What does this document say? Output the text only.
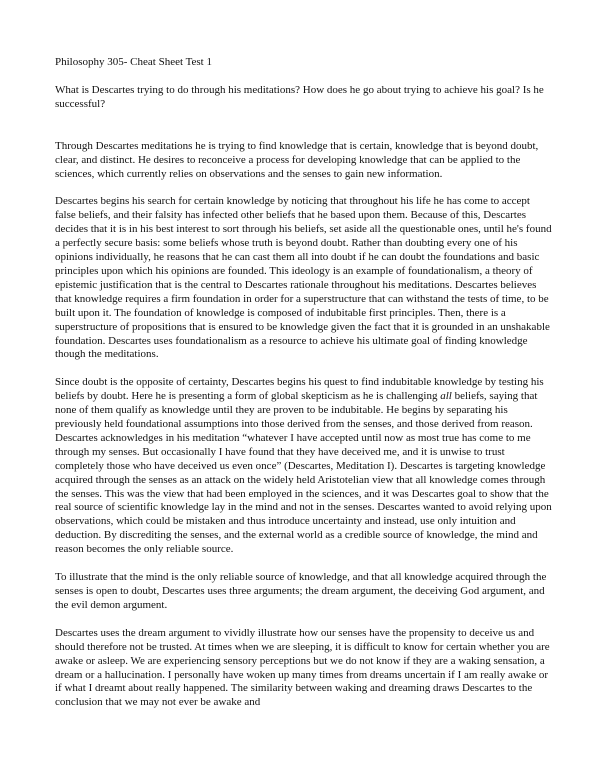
Philosophy 305- Cheat Sheet Test 1

What is Descartes trying to do through his meditations? How does he go about trying to achieve his goal? Is he successful?

Through Descartes meditations he is trying to find knowledge that is certain, knowledge that is beyond doubt, clear, and distinct. He desires to reconceive a process for developing knowledge that can be applied to the sciences, which currently relies on observations and the senses to gain new information.

Descartes begins his search for certain knowledge by noticing that throughout his life he has come to accept false beliefs, and their falsity has infected other beliefs that he based upon them. Because of this, Descartes decides that it is in his best interest to sort through his beliefs, set aside all the questionable ones, until he's found a perfectly secure basis: some beliefs whose truth is beyond doubt. Rather than doubting every one of his opinions individually, he reasons that he can cast them all into doubt if he can doubt the foundations and basic principles upon which his opinions are founded. This ideology is an example of foundationalism, a theory of epistemic justification that is the central to Descartes rationale throughout his meditations. Descartes believes that knowledge requires a firm foundation in order for a superstructure that can withstand the tests of time, to be built upon it. The foundation of knowledge is composed of indubitable first principles. Then, there is a superstructure of propositions that is ensured to be knowledge given the fact that it is grounded in an unshakable foundation. Descartes uses foundationalism as a resource to achieve his ultimate goal of finding knowledge though the meditations.

Since doubt is the opposite of certainty, Descartes begins his quest to find indubitable knowledge by testing his beliefs by doubt. Here he is presenting a form of global skepticism as he is challenging all beliefs, saying that none of them qualify as knowledge until they are proven to be indubitable. He begins by separating his previously held foundational assumptions into those derived from the senses, and those derived from reason. Descartes acknowledges in his meditation “whatever I have accepted until now as most true has come to me through my senses. But occasionally I have found that they have deceived me, and it is unwise to trust completely those who have deceived us even once” (Descartes, Meditation I). Descartes is targeting knowledge acquired through the senses as an attack on the widely held Aristotelian view that all knowledge comes through the senses. This was the view that had been employed in the sciences, and it was Descartes goal to show that the real source of scientific knowledge lay in the mind and not in the senses. Descartes wanted to avoid relying upon observations, which could be mistaken and thus introduce uncertainty and instead, use only intuition and deduction. By discrediting the senses, and the external world as a credible source of knowledge, the mind and reason becomes the only reliable source.

To illustrate that the mind is the only reliable source of knowledge, and that all knowledge acquired through the senses is open to doubt, Descartes uses three arguments; the dream argument, the deceiving God argument, and the evil demon argument.

Descartes uses the dream argument to vividly illustrate how our senses have the propensity to deceive us and should therefore not be trusted. At times when we are sleeping, it is difficult to know for certain whether you are awake or asleep. We are experiencing sensory perceptions but we do not know if they are a waking sensation, a dream or a hallucination. I personally have woken up many times from dreams uncertain if I am really awake or if what I dreamt about really happened. The similarity between waking and dreaming draws Descartes to the conclusion that we may not ever be awake and
